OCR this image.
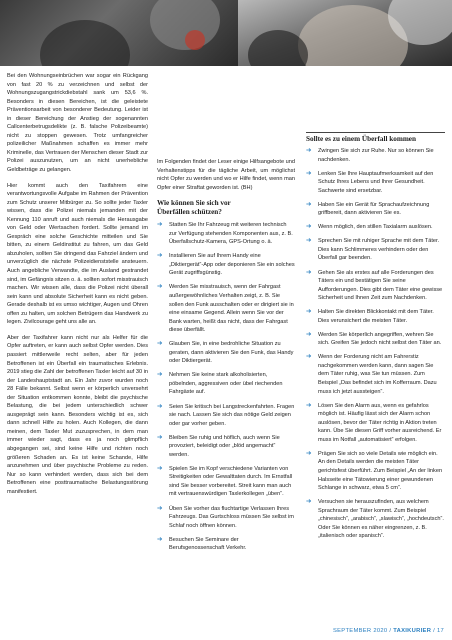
Bei den Wohnungseinbrüchen war sogar ein Rückgang von fast 20 % zu verzeichnen und selbst der Wohnungszugangstrickdiebstahl sank um 53,6 %. Besonders in diesen Bereichen, ist die geleistete Präventionsarbeit von besonderer Bedeutung. Leider ist in dieser Bereichung der Anstieg der sogenannten Callcenterbetrugsdelikte (z. B. falsche Polizeibeamte) nicht zu stoppen gewesen. Trotz umfangreicher polizeilicher Maßnahmen schaffen es immer mehr Kriminelle, das Vertrauen der Menschen dieser Stadt zur Polizei auszunutzen, um an nicht unerhebliche Geldbeträge zu gelangen.

Hier kommt auch den Taxifahrern eine verantwortungsvolle Aufgabe im Rahmen der Prävention zum Schutz unserer Mitbürger zu. So sollte jeder Taxler wissen, dass die Polizei niemals jemanden mit der Kennung 110 anruft und auch niemals die Herausgabe von Geld oder Wertsachen fordert. Sollte jemand im Gespräch eine solche Geschichte mitteilen und Sie bitten, zu einem Geldinstitut zu fahren, um das Geld abzuholen, sollten Sie dringend das Fahrziel ändern und unverzüglich die nächste Polizeidienststelle ansteuern. Auch angebliche Verwandte, die im Ausland gestrandet sind, im Gefängnis sitzen o. ä. sollten sofort misstrauisch machen. Wir wissen alle, dass die Polizei nicht überall sein kann und absolute Sicherheit kann es nicht geben. Gerade deshalb ist es umso wichtiger, Augen und Ohren offen zu halten, um solchen Betrügern das Handwerk zu legen. Zivilcourage geht uns alle an.

Aber der Taxifahrer kann nicht nur als Helfer für die Opfer auftreten, er kann auch selbst Opfer werden. Dies passiert mittlerweile recht selten, aber für jeden Betroffenen ist ein Überfall ein traumatisches Erlebnis. 2019 stieg die Zahl der betroffenen Taxler leicht auf 30 in der Landeshauptstadt an. Ein Jahr zuvor wurden noch 28 Fälle bekannt. Selbst wenn er körperlich unversehrt der Situation entkommen konnte, bleibt die psychische Belastung, die bei jedem unterschiedlich schwer ausgeprägt sein kann. Besonders wichtig ist es, sich dann schnell Hilfe zu holen. Auch Kollegen, die dann meinen, dem Taxler Mut zuzusprechen, in dem man immer wieder sagt, dass es ja noch glimpflich abgegangen sei, sind keine Hilfe und richten noch größeren Schaden an. Es ist keine Schande, Hilfe anzunehmen und über psychische Probleme zu reden. Nur so kann verhindert werden, dass sich bei dem Betroffenen eine posttraumatische Belastungsstörung manifestiert.

Im Folgenden findet der Leser einige Hilfsangebote und Verhaltenstipps für die tägliche Arbeit, um möglichst nicht Opfer zu werden und wo er Hilfe findet, wenn man Opfer einer Straftat geworden ist. (BH)

Wie können Sie sich vor
Überfällen schützen?
➔ Statten Sie Ihr Fahrzeug mit weiteren technisch zur Verfügung stehenden Komponenten aus, z. B. Überfallschutz-Kamera, GPS-Ortung o. ä.
➔ Installieren Sie auf Ihrem Handy eine „Diktiergerät“-App oder deponieren Sie ein solches Gerät zugriffsgünstig.
➔ Werden Sie misstrauisch, wenn der Fahrgast außergewöhnliches Verhalten zeigt, z. B. Sie sollen den Funk ausschalten oder er dirigiert sie in eine einsame Gegend. Allein wenn Sie vor der Bank warten, heißt das nicht, dass der Fahrgast diese überfällt.
➔ Glauben Sie, in eine bedrohliche Situation zu geraten, dann aktivieren Sie den Funk, das Handy oder Diktiergerät.
➔ Nehmen Sie keine stark alkoholisierten, pöbelnden, aggressiven oder übel riechenden Fahrgäste auf.
➔ Seien Sie kritisch bei Langstreckenfahrten. Fragen sie nach. Lassen Sie sich das nötige Geld zeigen oder gar vorher geben.
➔ Bleiben Sie ruhig und höflich, auch wenn Sie provoziert, beleidigt oder „blöd angemacht“ werden.
➔ Spielen Sie im Kopf verschiedene Varianten von Streitigkeiten oder Gewalttaten durch. Im Ernstfall sind Sie besser vorbereitet. Streit kann man auch mit vertrauenswürdigen Taxlerkollegen „üben“.
➔ Üben Sie vorher das fluchtartige Verlassen Ihres Fahrzeugs. Das Gurtschloss müssen Sie selbst im Schlaf noch öffnen können.
➔ Besuchen Sie Seminare der Berufsgenossenschaft Verkehr.
Sollte es zu einem Überfall kommen
➔ Zwingen Sie sich zur Ruhe. Nur so können Sie nachdenken.
➔ Lenken Sie Ihre Hauptaufmerksamkeit auf den Schutz Ihres Lebens und Ihrer Gesundheit. Sachwerte sind ersetzbar.
➔ Haben Sie ein Gerät für Sprachaufzeichnung griffbereit, dann aktivieren Sie es.
➔ Wenn möglich, den stillen Taxialarm auslösen.
➔ Sprechen Sie mit ruhiger Sprache mit dem Täter. Dies kann Schlimmeres verhindern oder den Überfall gar beenden.
➔ Gehen Sie als erstes auf alle Forderungen des Täters ein und bestätigen Sie seine Aufforderungen. Dies gibt dem Täter eine gewisse Sicherheit und Ihnen Zeit zum Nachdenken.
➔ Halten Sie direkten Blickkontakt mit dem Täter. Dies verunsichert die meisten Täter.
➔ Werden Sie körperlich angegriffen, wehren Sie sich. Greifen Sie jedoch nicht selbst den Täter an.
➔ Wenn der Forderung nicht am Fahrerstiz nachgekommen werden kann, dann sagen Sie dem Täter ruhig, was Sie tun müssen. Zum Beispiel „Das befindet sich im Kofferraum. Dazu muss ich jetzt aussteigen“.
➔ Lösen Sie den Alarm aus, wenn es gefahrlos möglich ist. Häufig lässt sich der Alarm schon auslösen, bevor der Täter richtig in Aktion treten kann. Übe Sie diesen Griff vorher ausreichend. Er muss im Notfall „automatisiert“ erfolgen.
➔ Prägen Sie sich so viele Details wie möglich ein. An den Details werden die meisten Täter gerichtsfest überführt. Zum Beispiel „An der linken Halsseite eine Tätowierung einer gewundenen Schlange in schwarz, etwa 5 cm“.
➔ Versuchen sie herauszufinden, aus welchem Sprachraum der Täter kommt. Zum Beispiel „chinesisch“, „arabisch“, „slawisch“, „hochdeutsch“. Oder Sie können es näher eingrenzen, z. B. „italienisch oder spanisch“.
SEPTEMBER 2020 / TAXIKURIER / 17
